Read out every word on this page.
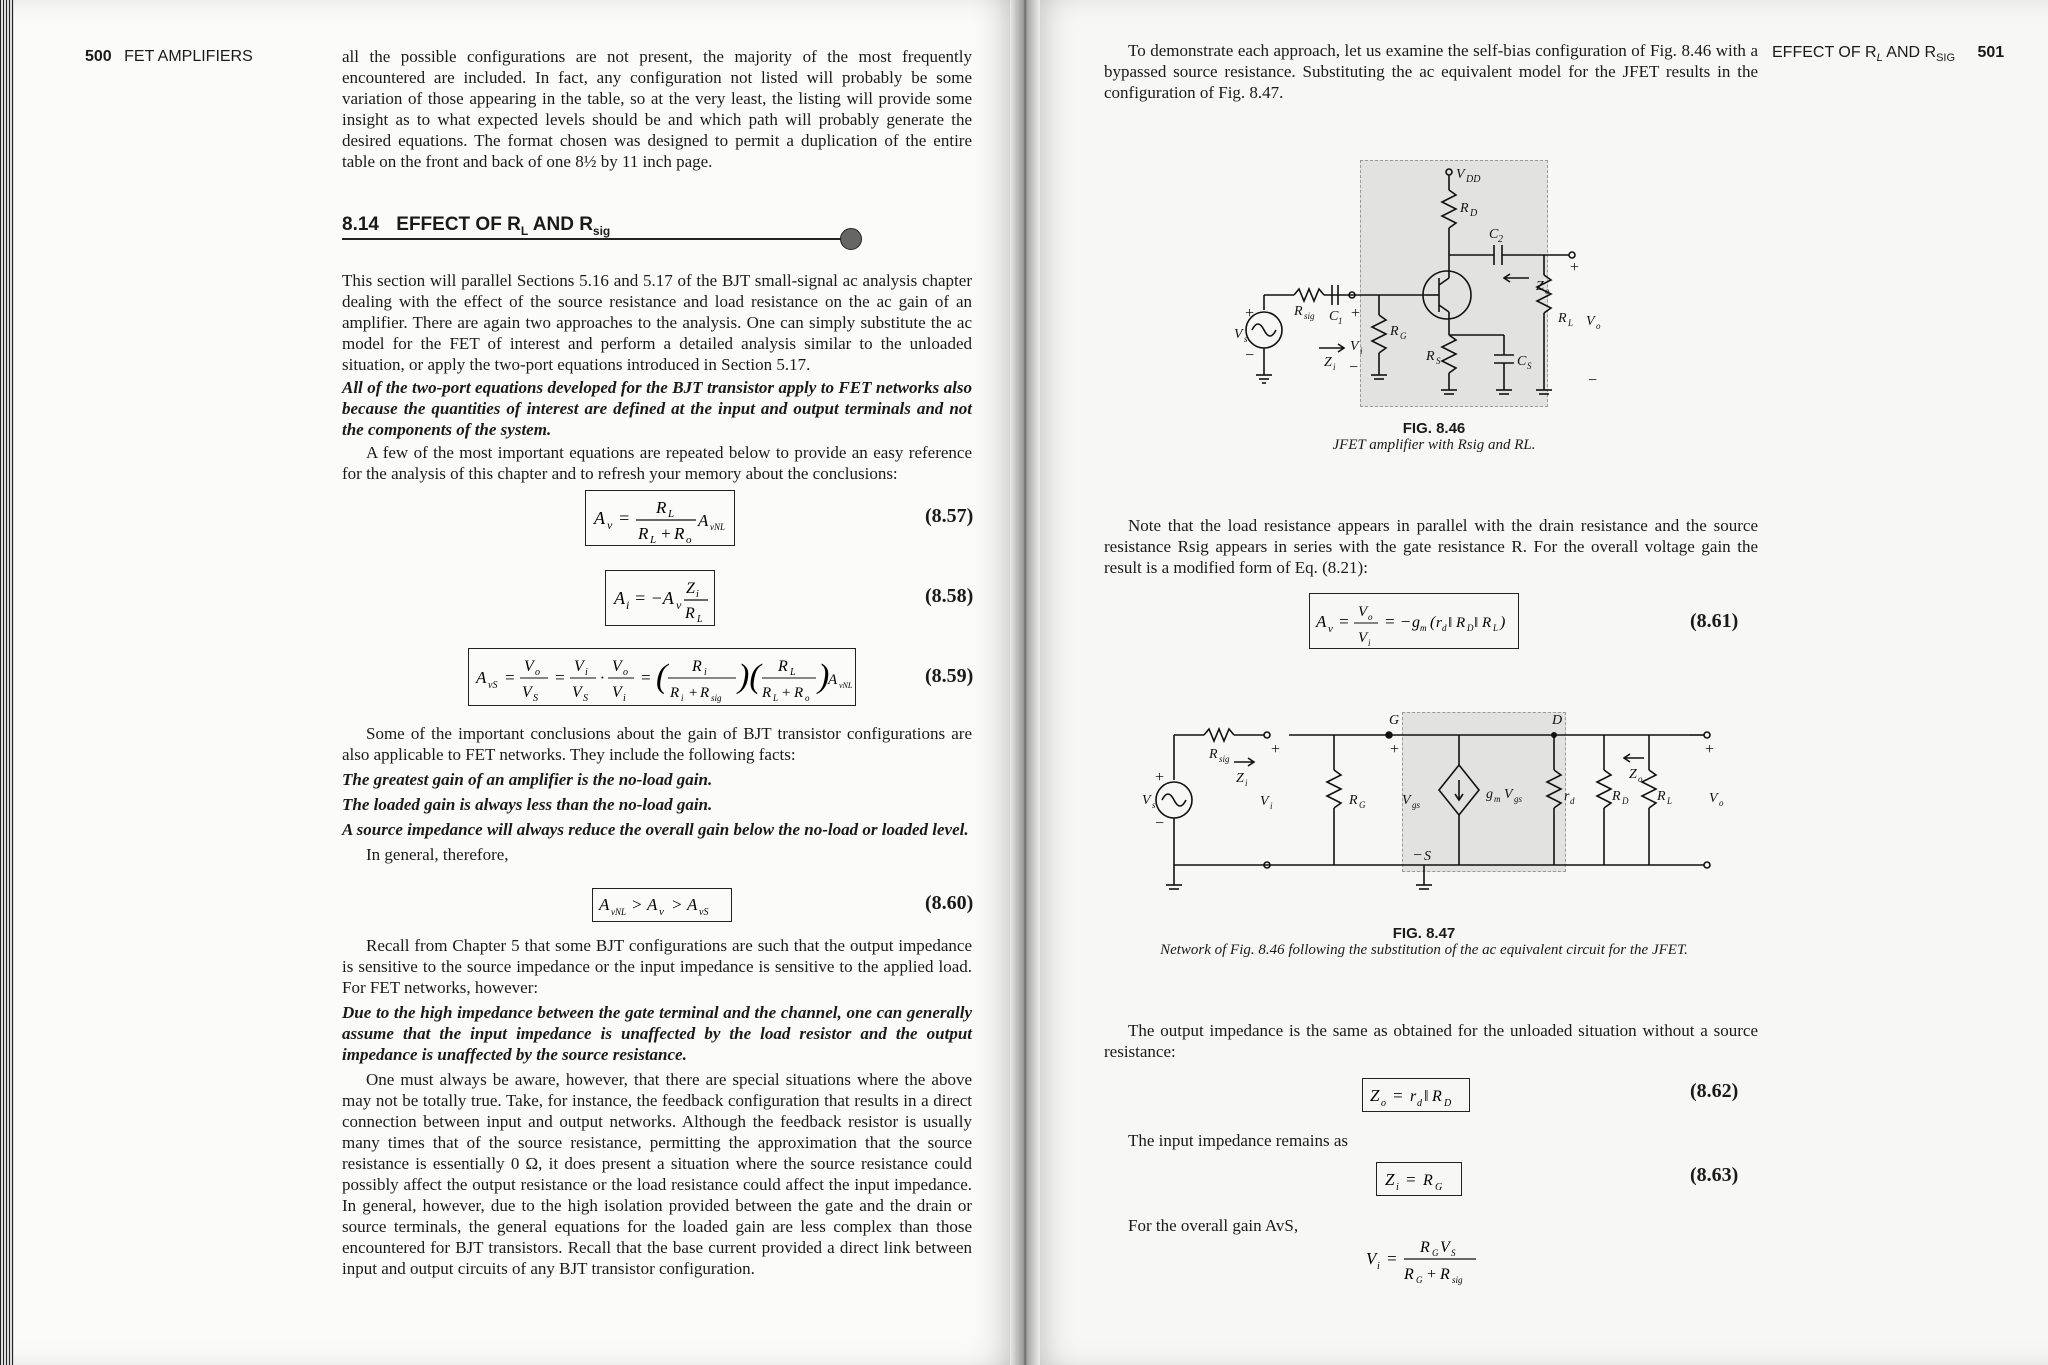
500 FET AMPLIFIERS	all the possible configurations are not present, the majority of the most frequently encountered are included. In fact, any configuration not listed will probably be some variation of those appearing in the table, so at the very least, the listing will provide some insight as to what expected levels should be and which path will probably generate the desired equations. The format chosen was designed to permit a duplication of the entire table on the front and back of one 8½ by 11 inch page.

8.14 EFFECT OF $R_L$ AND $R_{sig}$

This section will parallel Sections 5.16 and 5.17 of the BJT small-signal ac analysis chapter dealing with the effect of the source resistance and load resistance on the ac gain of an amplifier. There are again two approaches to the analysis. One can simply substitute the ac model for the FET of interest and perform a detailed analysis similar to the unloaded situation, or apply the two-port equations introduced in Section 5.17.

All of the two-port equations developed for the BJT transistor apply to FET networks also because the quantities of interest are defined at the input and output terminals and not the components of the system.

A few of the most important equations are repeated below to provide an easy reference for the analysis of this chapter and to refresh your memory about the conclusions:

A v =
R L
R L + R o
A vNL	(8.57)
A i = −A v
Z i
R L
(8.58)
A vS =
V o
V S
=
V i
V S
·
V o
V i
= ( R i
R i + R sig
)( R L
R L + R o
)
A vNL	(8.59)

Some of the important conclusions about the gain of BJT transistor configurations are also applicable to FET networks. They include the following facts:

The greatest gain of an amplifier is the no-load gain.

The loaded gain is always less than the no-load gain.

A source impedance will always reduce the overall gain below the no-load or loaded level.

In general, therefore,

A vNL > A v > A vS	(8.60)

Recall from Chapter 5 that some BJT configurations are such that the output impedance is sensitive to the source impedance or the input impedance is sensitive to the applied load. For FET networks, however:

Due to the high impedance between the gate terminal and the channel, one can generally assume that the input impedance is unaffected by the load resistor and the output impedance is unaffected by the source resistance.

One must always be aware, however, that there are special situations where the above may not be totally true. Take, for instance, the feedback configuration that results in a direct connection between input and output networks. Although the feedback resistor is usually many times that of the source resistance, permitting the approximation that the source resistance is essentially 0 Ω, it does present a situation where the source resistance could possibly affect the output resistance or the load resistance could affect the input impedance. In general, however, due to the high isolation provided between the gate and the drain or source terminals, the general equations for the loaded gain are less complex than those encountered for BJT transistors. Recall that the base current provided a direct link between input and output circuits of any BJT transistor configuration.

EFFECT OF $R_L$ AND $R_{SIG}$ 501

To demonstrate each approach, let us examine the self-bias configuration of Fig. 8.46 with a bypassed source resistance. Substituting the ac equivalent model for the JFET results in the configuration of Fig. 8.47.

V DD
R D
C 2
+
R sig C 1 +
+
V s
−
V i
Z i −
R G
R S	C S
Z o
R L V o
−
FIG. 8.46
JFET amplifier with Rsig and RL.

Note that the load resistance appears in parallel with the drain resistance and the source resistance Rsig appears in series with the gate resistance R. For the overall voltage gain the result is a modified form of Eq. (8.21):

A v = V o
V i
= − g m ( r d ‖ R D ‖ R L )	(8.61)
G	D
+	+	+
R sig
+
V s
−
Z i
V i	R G	V gs
g m V gs	r d	R D R L
Z o
V o
− S
FIG. 8.47
Network of Fig. 8.46 following the substitution of the ac equivalent circuit for the JFET.

The output impedance is the same as obtained for the unloaded situation without a source resistance:

Z o = r d ‖ R D
(8.62)

The input impedance remains as

Z i = R G
(8.63)

For the overall gain AvS,

V i =
R G V S
R G + R sig
